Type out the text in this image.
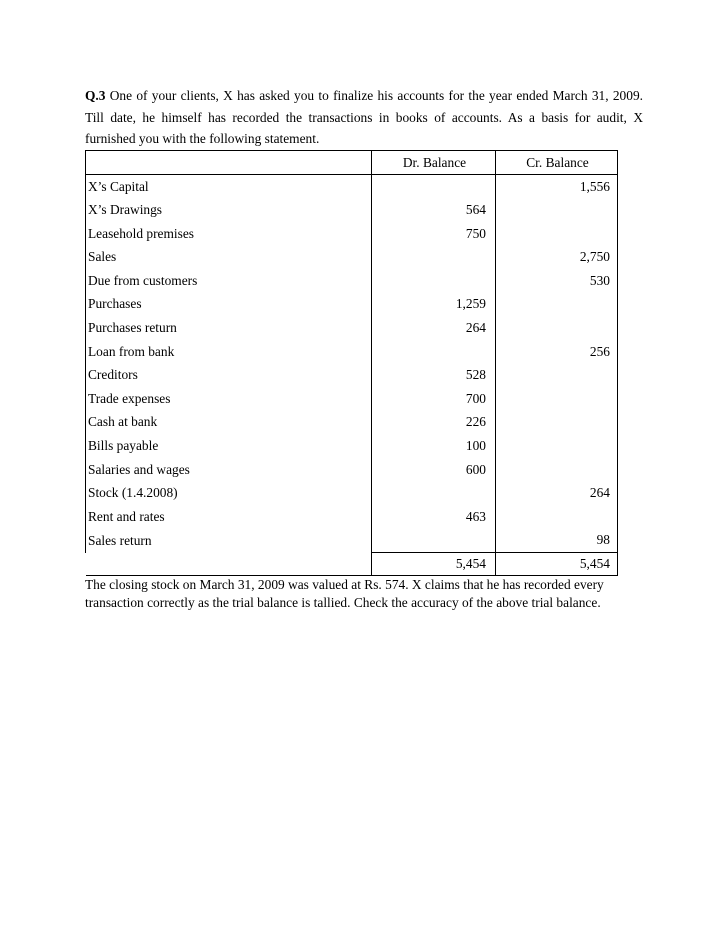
Q.3 One of your clients, X has asked you to finalize his accounts for the year ended March 31, 2009. Till date, he himself has recorded the transactions in books of accounts. As a basis for audit, X furnished you with the following statement.

	Dr. Balance	Cr. Balance
X’s Capital		1,556
X’s Drawings	564	
Leasehold premises	750	
Sales		2,750
Due from customers		530
Purchases	1,259	
Purchases return	264	
Loan from bank		256
Creditors	528	
Trade expenses	700	
Cash at bank	226	
Bills payable	100	
Salaries and wages	600	
Stock (1.4.2008)		264
Rent and rates	463	
Sales return		98
	5,454	5,454

The closing stock on March 31, 2009 was valued at Rs. 574. X claims that he has recorded every transaction correctly as the trial balance is tallied. Check the accuracy of the above trial balance.
